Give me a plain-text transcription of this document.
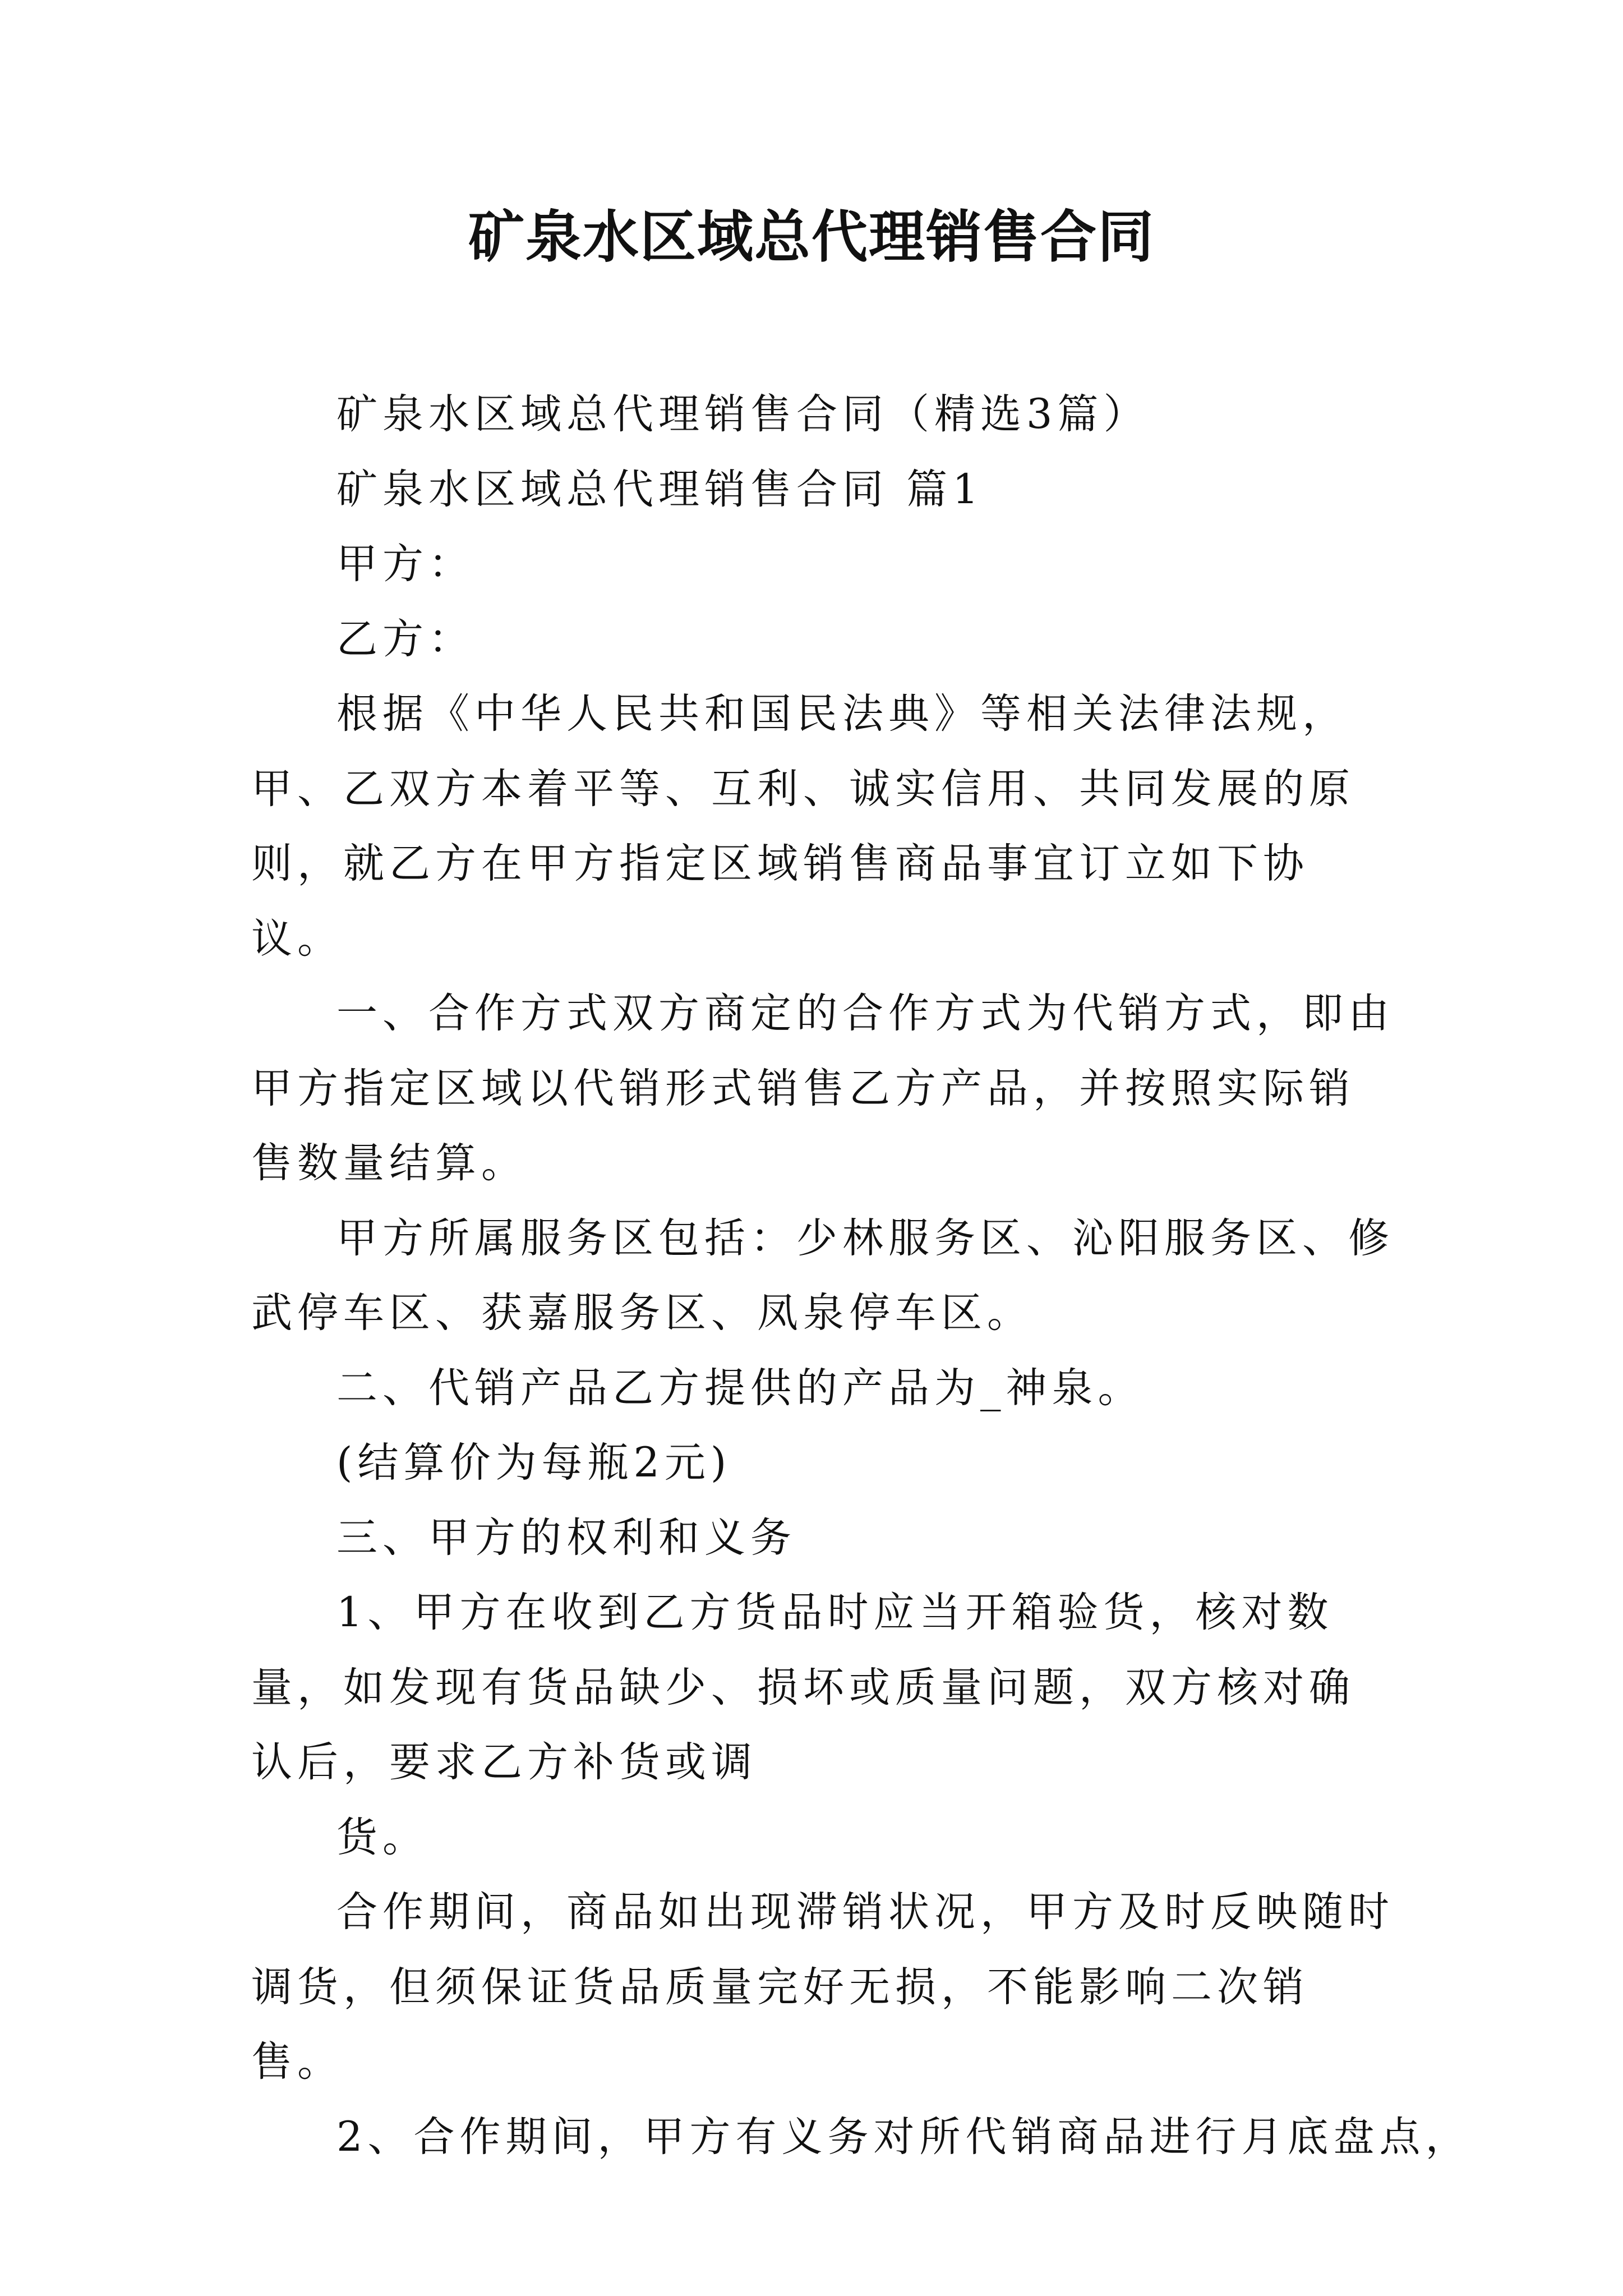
矿泉水区域总代理销售合同

矿泉水区域总代理销售合同（精选3篇）

矿泉水区域总代理销售合同 篇1

甲方：

乙方：

根据《中华人民共和国民法典》等相关法律法规，甲、乙双方本着平等、互利、诚实信用、共同发展的原则，就乙方在甲方指定区域销售商品事宜订立如下协议。

一、合作方式双方商定的合作方式为代销方式，即由甲方指定区域以代销形式销售乙方产品，并按照实际销售数量结算。

甲方所属服务区包括：少林服务区、沁阳服务区、修武停车区、获嘉服务区、凤泉停车区。

二、代销产品乙方提供的产品为_神泉。

(结算价为每瓶2元)

三、甲方的权利和义务

1、甲方在收到乙方货品时应当开箱验货，核对数量，如发现有货品缺少、损坏或质量问题，双方核对确认后，要求乙方补货或调

货。

合作期间，商品如出现滞销状况，甲方及时反映随时调货，但须保证货品质量完好无损，不能影响二次销售。

2、合作期间，甲方有义务对所代销商品进行月底盘点，
